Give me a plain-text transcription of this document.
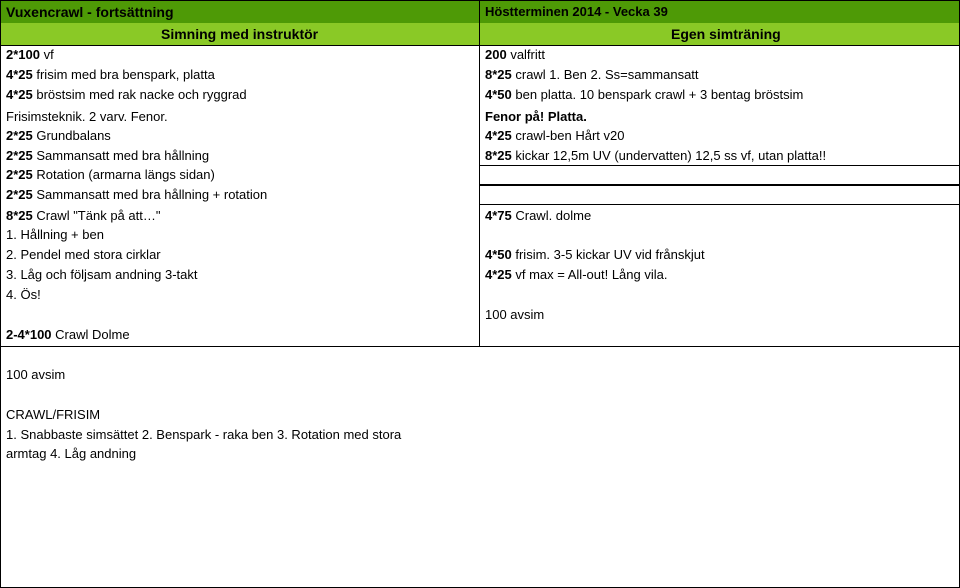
Vuxencrawl - fortsättning	Höstterminen 2014 - Vecka 39
Simning med instruktör	Egen simträning
2*100 vf
4*25 frisim med bra benspark, platta
4*25 bröstsim med rak nacke och ryggrad
Frisimsteknik. 2 varv. Fenor.
2*25 Grundbalans
2*25 Sammansatt med bra hållning
2*25 Rotation (armarna längs sidan)
2*25 Sammansatt med bra hållning + rotation
8*25 Crawl "Tänk på att…"
1. Hållning + ben
2. Pendel med stora cirklar
3. Låg och följsam andning 3-takt
4. Ös!
2-4*100 Crawl Dolme
100 avsim
CRAWL/FRISIM
1. Snabbaste simsättet 2. Benspark - raka ben 3. Rotation med stora
armtag 4. Låg andning
200 valfritt
8*25 crawl 1. Ben 2. Ss=sammansatt
4*50 ben platta. 10 benspark crawl + 3 bentag bröstsim
Fenor på! Platta.
4*25 crawl-ben Hårt v20
8*25 kickar 12,5m UV (undervatten) 12,5 ss vf, utan platta!!
4*75 Crawl. dolme
4*50 frisim. 3-5 kickar UV vid frånskjut
4*25 vf max = All-out! Lång vila.
100 avsim
